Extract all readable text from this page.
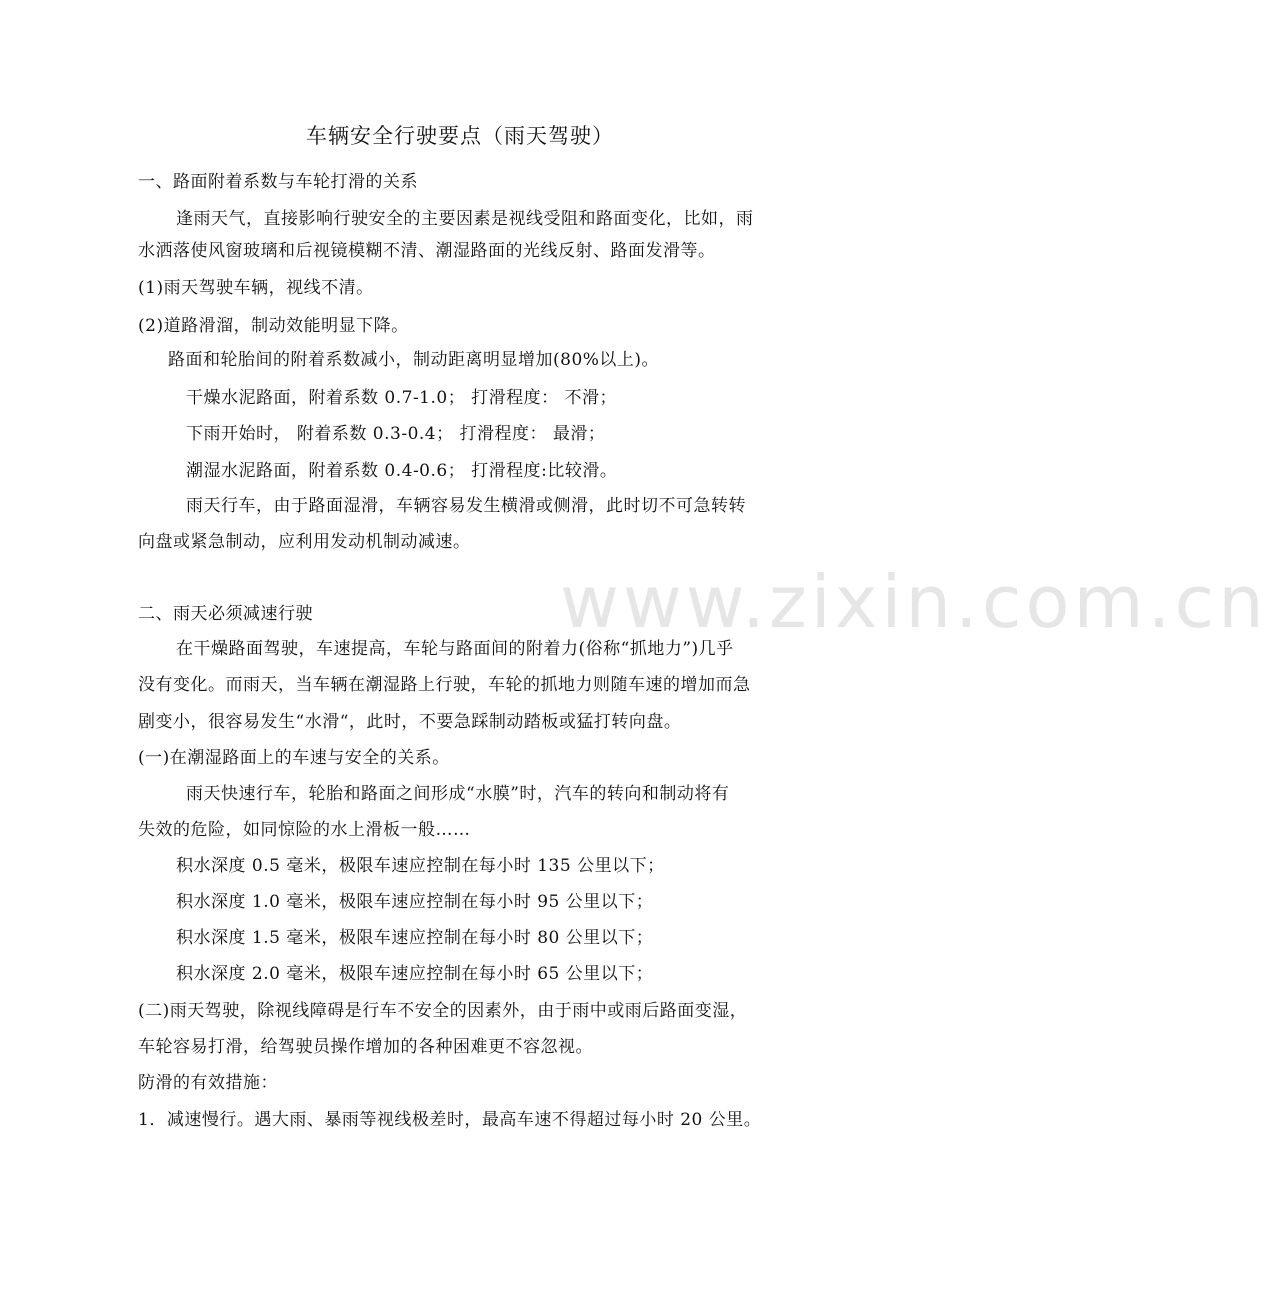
www.zixin.com.cn
车辆安全行驶要点（雨天驾驶）
一、路面附着系数与车轮打滑的关系
逢雨天气，直接影响行驶安全的主要因素是视线受阻和路面变化，比如，雨
水洒落使风窗玻璃和后视镜模糊不清、潮湿路面的光线反射、路面发滑等。
(1)雨天驾驶车辆，视线不清。
(2)道路滑溜，制动效能明显下降。
路面和轮胎间的附着系数减小，制动距离明显增加(80%以上)。
干燥水泥路面，附着系数 0.7-1.0； 打滑程度： 不滑；
下雨开始时， 附着系数 0.3-0.4； 打滑程度： 最滑；
潮湿水泥路面，附着系数 0.4-0.6； 打滑程度:比较滑。
雨天行车，由于路面湿滑，车辆容易发生横滑或侧滑，此时切不可急转转
向盘或紧急制动，应利用发动机制动减速。
二、雨天必须减速行驶
在干燥路面驾驶，车速提高，车轮与路面间的附着力(俗称“抓地力”)几乎
没有变化。而雨天，当车辆在潮湿路上行驶，车轮的抓地力则随车速的增加而急
剧变小，很容易发生“水滑“，此时，不要急踩制动踏板或猛打转向盘。
(一)在潮湿路面上的车速与安全的关系。
雨天快速行车，轮胎和路面之间形成“水膜”时，汽车的转向和制动将有
失效的危险，如同惊险的水上滑板一般……
积水深度 0.5 毫米，极限车速应控制在每小时 135 公里以下；
积水深度 1.0 毫米，极限车速应控制在每小时 95 公里以下；
积水深度 1.5 毫米，极限车速应控制在每小时 80 公里以下；
积水深度 2.0 毫米，极限车速应控制在每小时 65 公里以下；
(二)雨天驾驶，除视线障碍是行车不安全的因素外，由于雨中或雨后路面变湿，
车轮容易打滑，给驾驶员操作增加的各种困难更不容忽视。
防滑的有效措施：
1．减速慢行。遇大雨、暴雨等视线极差时，最高车速不得超过每小时 20 公里。
